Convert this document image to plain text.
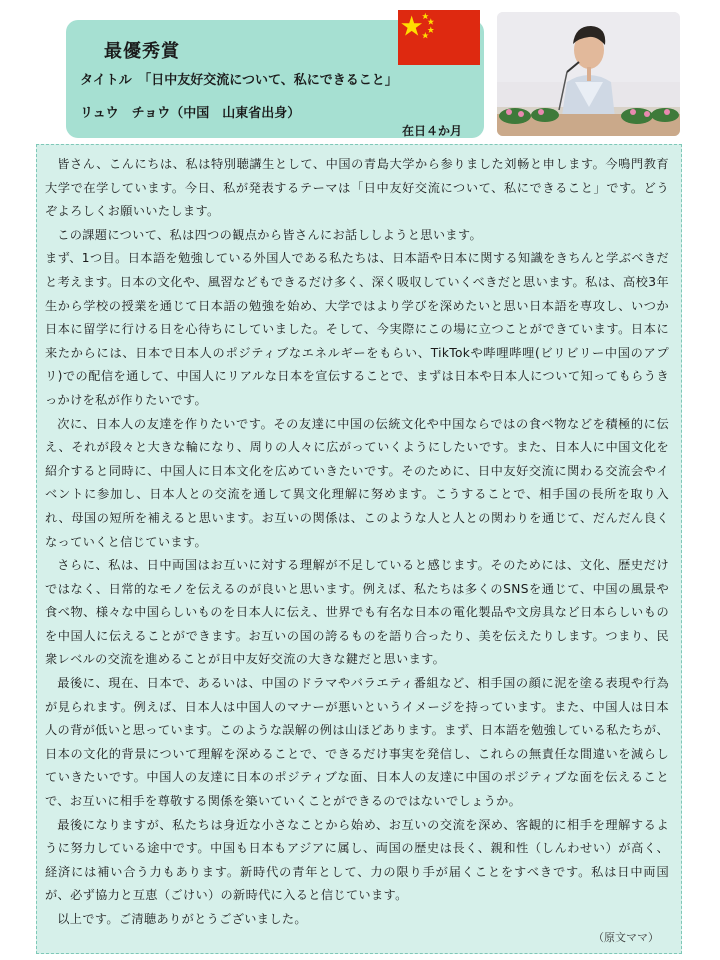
最優秀賞
タイトル　「日中友好交流について、私にできること」
リュウ　チョウ（中国　山東省出身）
在日４か月

皆さん、こんにちは、私は特別聴講生として、中国の青島大学から参りました刘畅と申します。今鳴門教育大学で在学しています。今日、私が発表するテーマは「日中友好交流について、私にできること」です。どうぞよろしくお願いいたします。

この課題について、私は四つの観点から皆さんにお話ししようと思います。

まず、1つ目。日本語を勉強している外国人である私たちは、日本語や日本に関する知識をきちんと学ぶべきだと考えます。日本の文化や、風習などもできるだけ多く、深く吸収していくべきだと思います。私は、高校3年生から学校の授業を通じて日本語の勉強を始め、大学ではより学びを深めたいと思い日本語を専攻し、いつか日本に留学に行ける日を心待ちにしていました。そして、今実際にこの場に立つことができています。日本に来たからには、日本で日本人のポジティブなエネルギーをもらい、TikTokや哔哩哔哩(ビリビリー中国のアプリ)での配信を通して、中国人にリアルな日本を宣伝することで、まずは日本や日本人について知ってもらうきっかけを私が作りたいです。

次に、日本人の友達を作りたいです。その友達に中国の伝統文化や中国ならではの食べ物などを積極的に伝え、それが段々と大きな輪になり、周りの人々に広がっていくようにしたいです。また、日本人に中国文化を紹介すると同時に、中国人に日本文化を広めていきたいです。そのために、日中友好交流に関わる交流会やイベントに参加し、日本人との交流を通して異文化理解に努めます。こうすることで、相手国の長所を取り入れ、母国の短所を補えると思います。お互いの関係は、このような人と人との関わりを通じて、だんだん良くなっていくと信じています。

さらに、私は、日中両国はお互いに対する理解が不足していると感じます。そのためには、文化、歴史だけではなく、日常的なモノを伝えるのが良いと思います。例えば、私たちは多くのSNSを通じて、中国の風景や食べ物、様々な中国らしいものを日本人に伝え、世界でも有名な日本の電化製品や文房具など日本らしいものを中国人に伝えることができます。お互いの国の誇るものを語り合ったり、美を伝えたりします。つまり、民衆レベルの交流を進めることが日中友好交流の大きな鍵だと思います。

最後に、現在、日本で、あるいは、中国のドラマやバラエティ番組など、相手国の顔に泥を塗る表現や行為が見られます。例えば、日本人は中国人のマナーが悪いというイメージを持っています。また、中国人は日本人の背が低いと思っています。このような誤解の例は山ほどあります。まず、日本語を勉強している私たちが、日本の文化的背景について理解を深めることで、できるだけ事実を発信し、これらの無責任な間違いを減らしていきたいです。中国人の友達に日本のポジティブな面、日本人の友達に中国のポジティブな面を伝えることで、お互いに相手を尊敬する関係を築いていくことができるのではないでしょうか。

最後になりますが、私たちは身近な小さなことから始め、お互いの交流を深め、客観的に相手を理解するように努力している途中です。中国も日本もアジアに属し、両国の歴史は長く、親和性（しんわせい）が高く、経済には補い合う力もあります。新時代の青年として、力の限り手が届くことをすべきです。私は日中両国が、必ず協力と互恵（ごけい）の新時代に入ると信じています。

以上です。ご清聴ありがとうございました。

（原文ママ）
